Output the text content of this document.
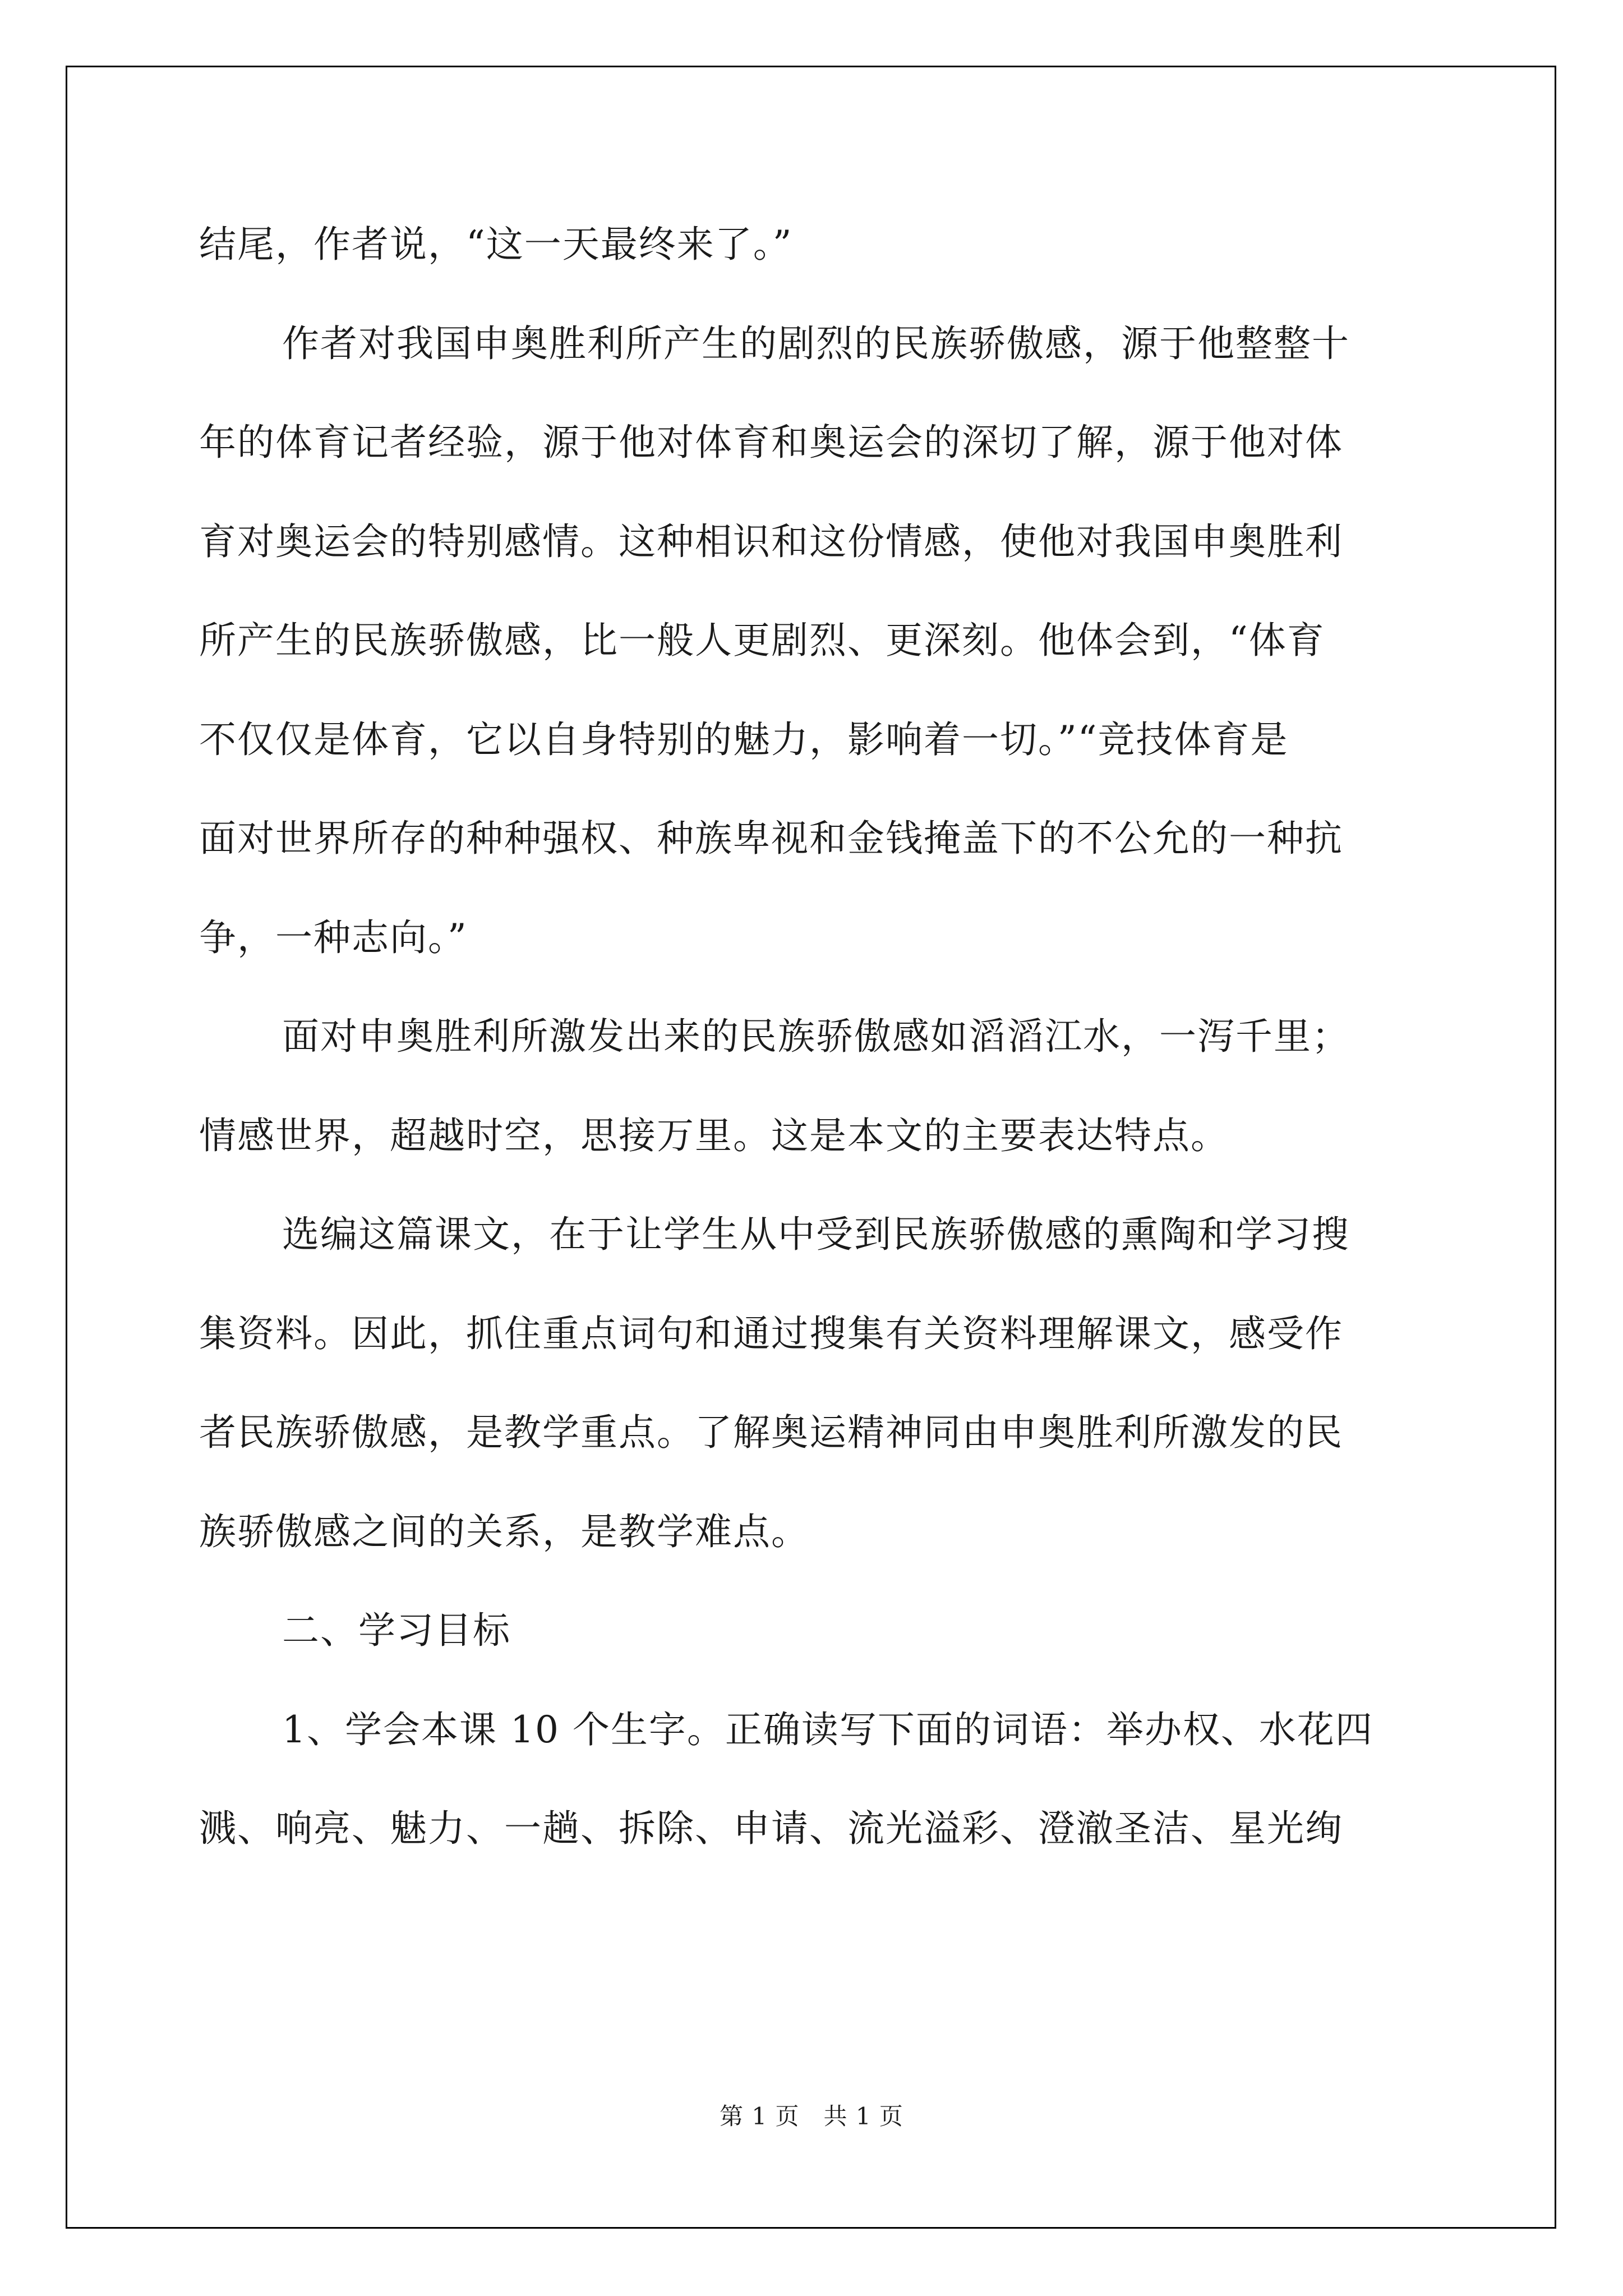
结尾，作者说，“这一天最终来了。”
作者对我国申奥胜利所产生的剧烈的民族骄傲感，源于他整整十
年的体育记者经验，源于他对体育和奥运会的深切了解，源于他对体
育对奥运会的特别感情。这种相识和这份情感，使他对我国申奥胜利
所产生的民族骄傲感，比一般人更剧烈、更深刻。他体会到，“体育
不仅仅是体育，它以自身特别的魅力，影响着一切。”“竞技体育是
面对世界所存的种种强权、种族卑视和金钱掩盖下的不公允的一种抗
争，一种志向。”
面对申奥胜利所激发出来的民族骄傲感如滔滔江水，一泻千里；
情感世界，超越时空，思接万里。这是本文的主要表达特点。
选编这篇课文，在于让学生从中受到民族骄傲感的熏陶和学习搜
集资料。因此，抓住重点词句和通过搜集有关资料理解课文，感受作
者民族骄傲感，是教学重点。了解奥运精神同由申奥胜利所激发的民
族骄傲感之间的关系，是教学难点。
二、学习目标
1、学会本课 10 个生字。正确读写下面的词语：举办权、水花四
溅、响亮、魅力、一趟、拆除、申请、流光溢彩、澄澈圣洁、星光绚
第 1 页　共 1 页
